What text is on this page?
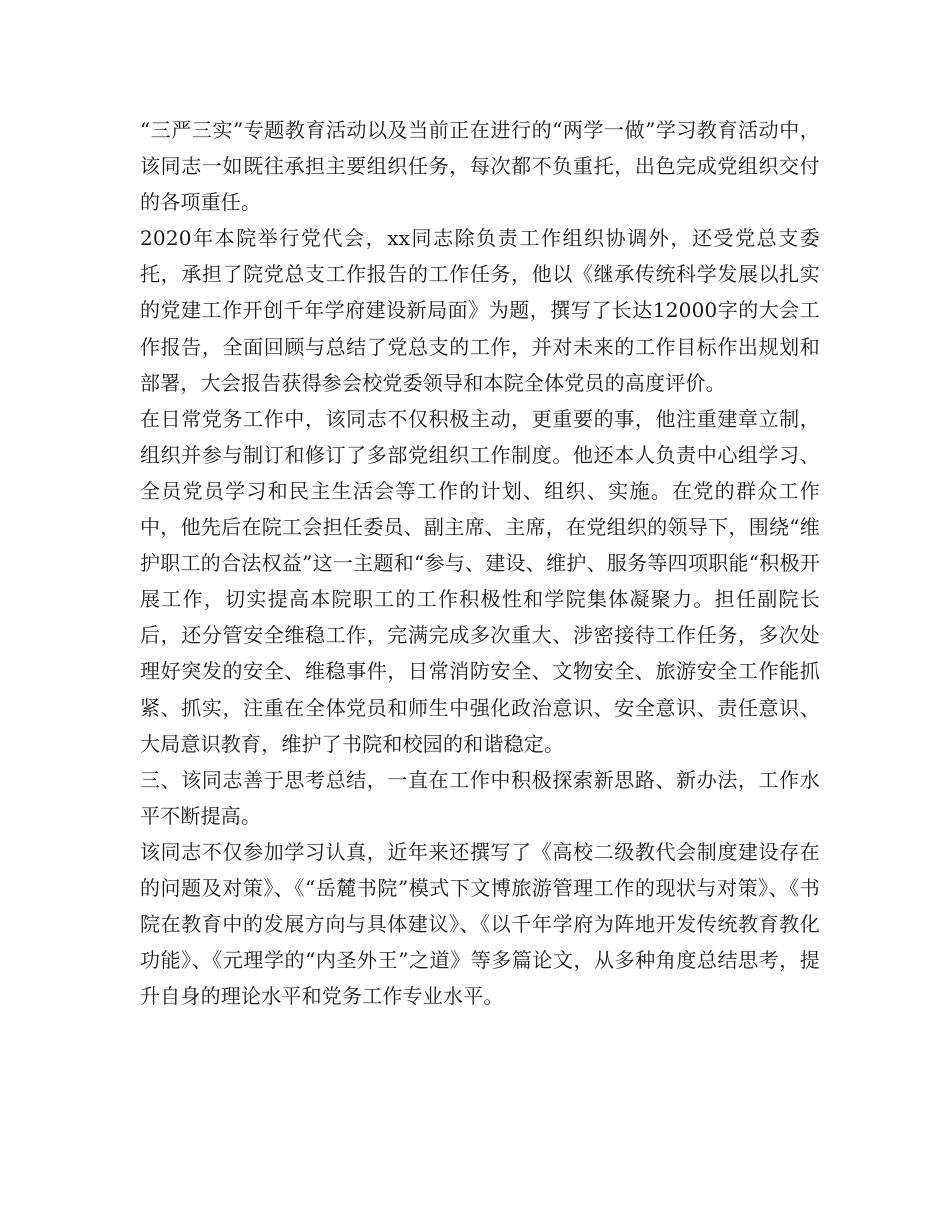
“三严三实”专题教育活动以及当前正在进行的“两学一做”学习教育活动中，该同志一如既往承担主要组织任务，每次都不负重托，出色完成党组织交付的各项重任。

2020年本院举行党代会，xx同志除负责工作组织协调外，还受党总支委托，承担了院党总支工作报告的工作任务，他以《继承传统科学发展以扎实的党建工作开创千年学府建设新局面》为题，撰写了长达12000字的大会工作报告，全面回顾与总结了党总支的工作，并对未来的工作目标作出规划和部署，大会报告获得参会校党委领导和本院全体党员的高度评价。

在日常党务工作中，该同志不仅积极主动，更重要的事，他注重建章立制，组织并参与制订和修订了多部党组织工作制度。他还本人负责中心组学习、全员党员学习和民主生活会等工作的计划、组织、实施。在党的群众工作中，他先后在院工会担任委员、副主席、主席，在党组织的领导下，围绕“维护职工的合法权益”这一主题和“参与、建设、维护、服务等四项职能“积极开展工作，切实提高本院职工的工作积极性和学院集体凝聚力。担任副院长后，还分管安全维稳工作，完满完成多次重大、涉密接待工作任务，多次处理好突发的安全、维稳事件，日常消防安全、文物安全、旅游安全工作能抓紧、抓实，注重在全体党员和师生中强化政治意识、安全意识、责任意识、大局意识教育，维护了书院和校园的和谐稳定。

三、该同志善于思考总结，一直在工作中积极探索新思路、新办法，工作水平不断提高。

该同志不仅参加学习认真，近年来还撰写了《高校二级教代会制度建设存在的问题及对策》、《“岳麓书院”模式下文博旅游管理工作的现状与对策》、《书院在教育中的发展方向与具体建议》、《以千年学府为阵地开发传统教育教化功能》、《元理学的“内圣外王”之道》等多篇论文，从多种角度总结思考，提升自身的理论水平和党务工作专业水平。
